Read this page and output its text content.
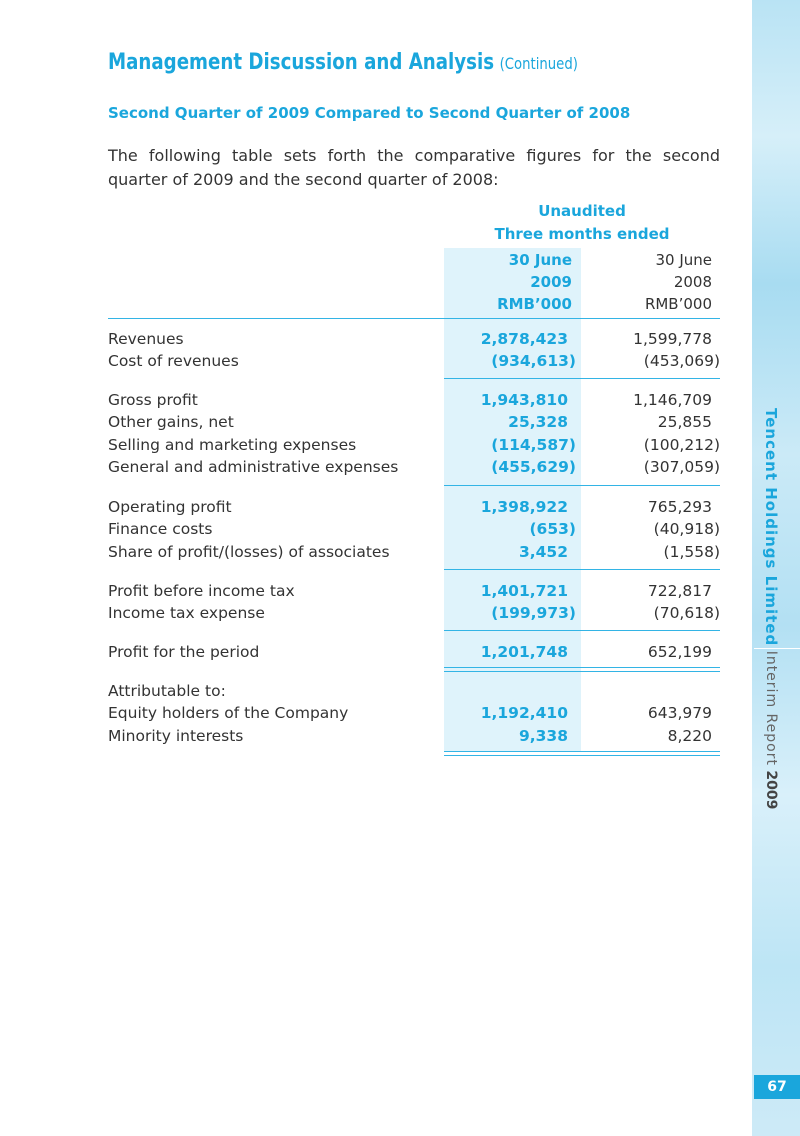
Tencent Holdings Limited Interim Report 2009
67
Management Discussion and Analysis (Continued)
Second Quarter of 2009 Compared to Second Quarter of 2008
The following table sets forth the comparative figures for the second quarter of 2009 and the second quarter of 2008:
Unaudited
Three months ended
30 June
2009
RMB’000
30 June
2008
RMB’000
Revenues	2,878,423	1,599,778
Cost of revenues	(934,613)	(453,069)
Gross profit	1,943,810	1,146,709
Other gains, net	25,328	25,855
Selling and marketing expenses	(114,587)	(100,212)
General and administrative expenses	(455,629)	(307,059)
Operating profit	1,398,922	765,293
Finance costs	(653)	(40,918)
Share of profit/(losses) of associates	3,452	(1,558)
Profit before income tax	1,401,721	722,817
Income tax expense	(199,973)	(70,618)
Profit for the period	1,201,748	652,199
Attributable to:
Equity holders of the Company	1,192,410	643,979
Minority interests	9,338	8,220
